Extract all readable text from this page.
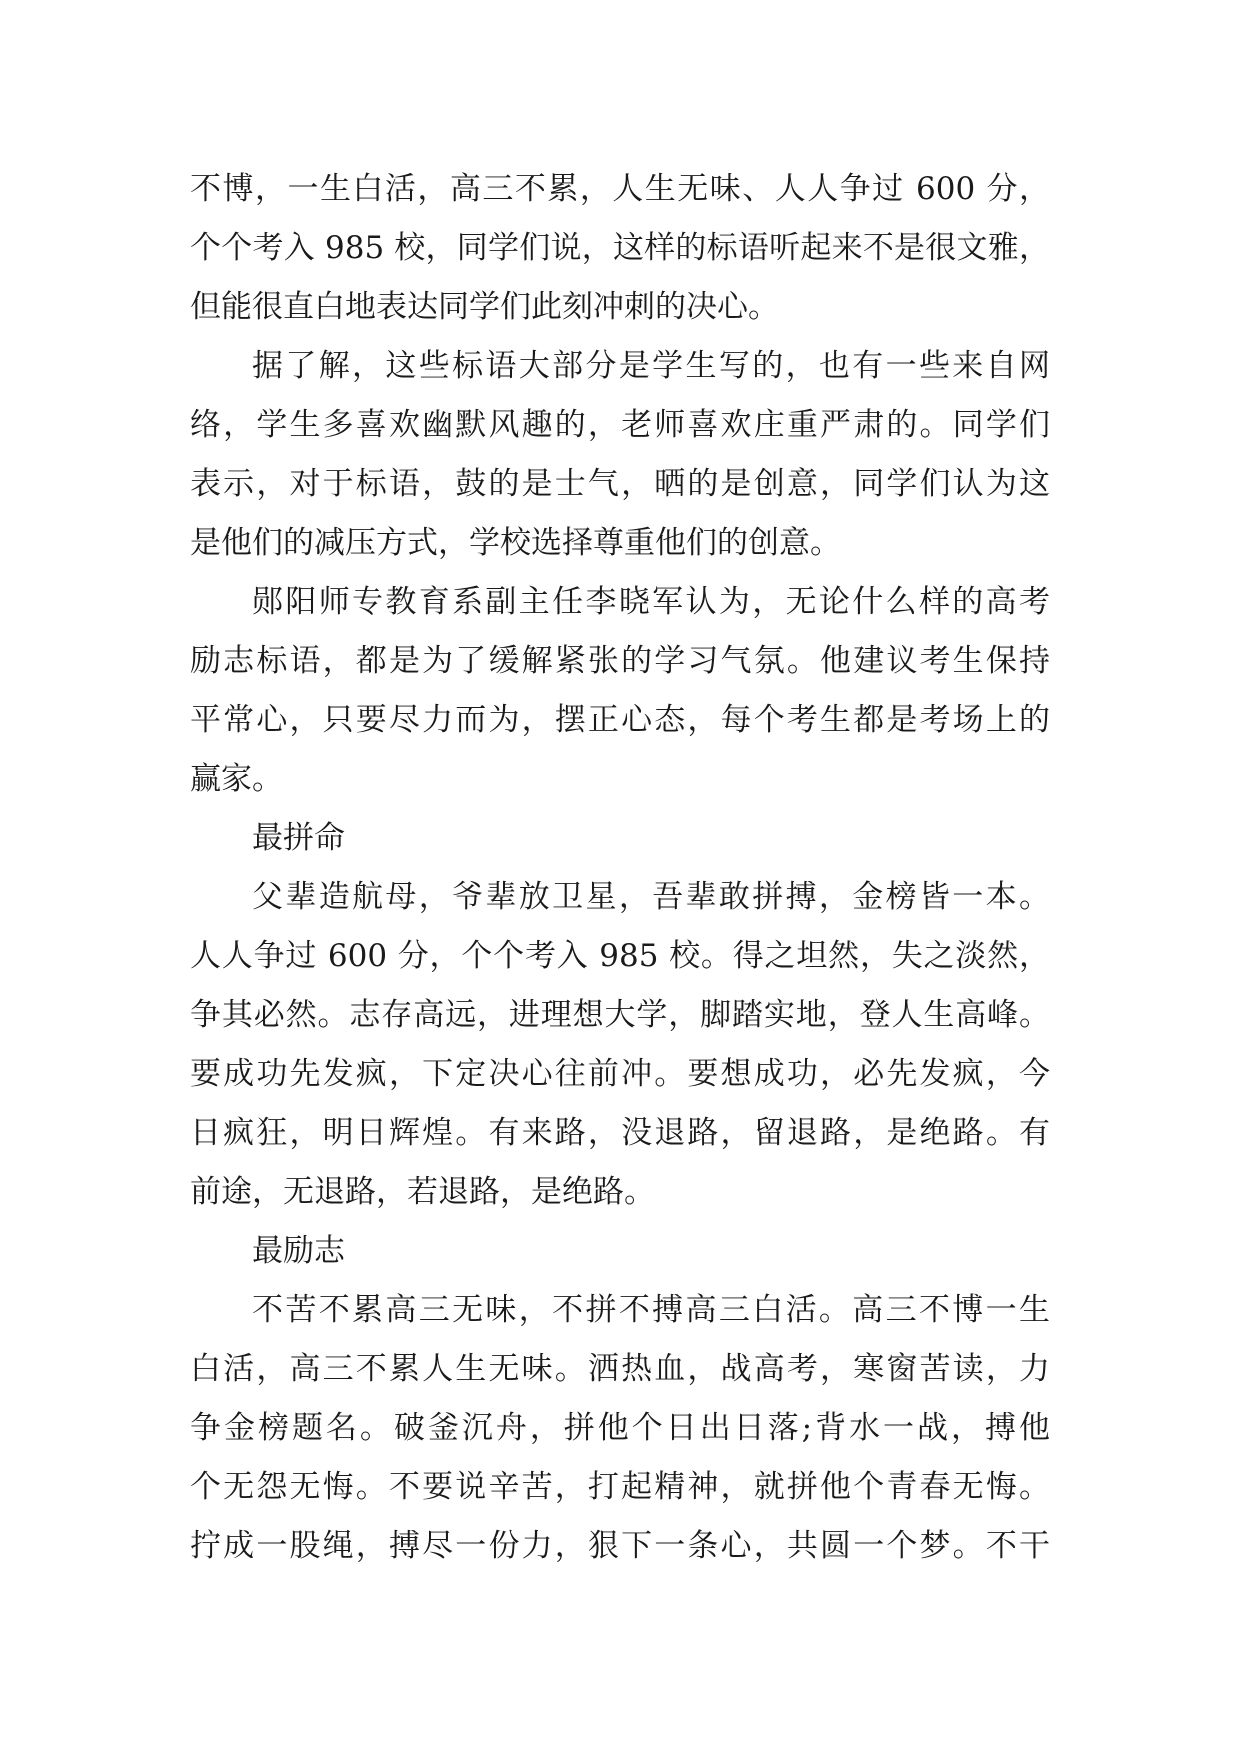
不博，一生白活，高三不累，人生无味、人人争过 600 分，
个个考入 985 校，同学们说，这样的标语听起来不是很文雅，
但能很直白地表达同学们此刻冲刺的决心。
据了解，这些标语大部分是学生写的，也有一些来自网
络，学生多喜欢幽默风趣的，老师喜欢庄重严肃的。同学们
表示，对于标语，鼓的是士气，晒的是创意，同学们认为这
是他们的减压方式，学校选择尊重他们的创意。
郧阳师专教育系副主任李晓军认为，无论什么样的高考
励志标语，都是为了缓解紧张的学习气氛。他建议考生保持
平常心，只要尽力而为，摆正心态，每个考生都是考场上的
赢家。
最拼命
父辈造航母，爷辈放卫星，吾辈敢拼搏，金榜皆一本。
人人争过 600 分，个个考入 985 校。得之坦然，失之淡然，
争其必然。志存高远，进理想大学，脚踏实地，登人生高峰。
要成功先发疯，下定决心往前冲。要想成功，必先发疯，今
日疯狂，明日辉煌。有来路，没退路，留退路，是绝路。有
前途，无退路，若退路，是绝路。
最励志
不苦不累高三无味，不拼不搏高三白活。高三不博一生
白活，高三不累人生无味。洒热血，战高考，寒窗苦读，力
争金榜题名。破釜沉舟，拼他个日出日落;背水一战，搏他
个无怨无悔。不要说辛苦，打起精神，就拼他个青春无悔。
拧成一股绳，搏尽一份力，狠下一条心，共圆一个梦。不干
